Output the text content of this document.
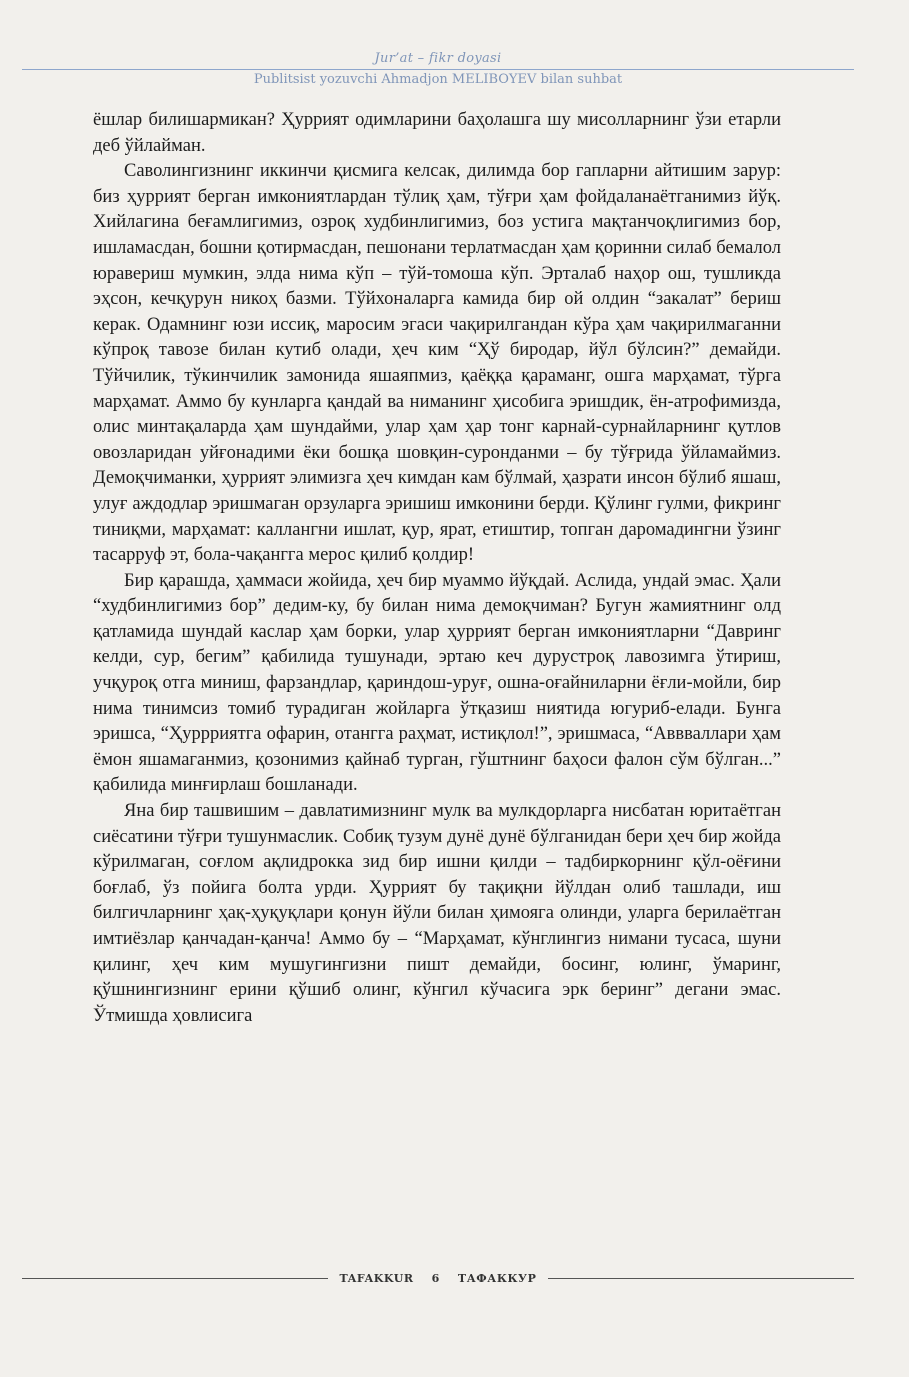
Jur’at – fikr doyasi
Publitsist yozuvchi Ahmadjon MELIBOYEV bilan suhbat

ёшлар билишармикан? Ҳуррият одимларини баҳолашга шу мисолларнинг ўзи етарли деб ўйлайман.

Саволингизнинг иккинчи қисмига келсак, дилимда бор гапларни айтишим зарур: биз ҳуррият берган имкониятлардан тўлиқ ҳам, тўғри ҳам фойдаланаётганимиз йўқ. Хийлагина беғамлигимиз, озроқ худбинлигимиз, боз устига мақтанчоқлигимиз бор, ишламасдан, бошни қотирмасдан, пешонани терлатмасдан ҳам қоринни силаб бемалол юравериш мумкин, элда нима кўп – тўй-томоша кўп. Эрталаб наҳор ош, тушликда эҳсон, кечқурун никоҳ базми. Тўйхоналарга камида бир ой олдин “закалат” бериш керак. Одамнинг юзи иссиқ, маросим эгаси чақирилгандан кўра ҳам чақирилмаганни кўпроқ тавозе билан кутиб олади, ҳеч ким “Ҳў биродар, йўл бўлсин?” демайди. Тўйчилик, тўкинчилик замонида яшаяпмиз, қаёққа қараманг, ошга марҳамат, тўрга марҳамат. Аммо бу кунларга қандай ва ниманинг ҳисобига эришдик, ён-атрофимизда, олис минтақаларда ҳам шундайми, улар ҳам ҳар тонг карнай-сурнайларнинг қутлов овозларидан уйғонадими ёки бошқа шовқин-суронданми – бу тўғрида ўйламаймиз. Демоқчиманки, ҳуррият элимизга ҳеч кимдан кам бўлмай, ҳазрати инсон бўлиб яшаш, улуғ аждодлар эришмаган орзуларга эришиш имконини берди. Қўлинг гулми, фикринг тиниқми, марҳамат: каллангни ишлат, қур, ярат, етиштир, топган даромадингни ўзинг тасарруф эт, бола-чақангга мерос қилиб қолдир!

Бир қарашда, ҳаммаси жойида, ҳеч бир муаммо йўқдай. Аслида, ундай эмас. Ҳали “худбинлигимиз бор” дедим-ку, бу билан нима демоқчиман? Бугун жамиятнинг олд қатламида шундай каслар ҳам борки, улар ҳуррият берган имкониятларни “Давринг келди, сур, бегим” қабилида тушунади, эртаю кеч дурустроқ лавозимга ўтириш, учқуроқ отга миниш, фарзандлар, қариндош-уруғ, ошна-оғайниларни ёғли-мойли, бир нима тинимсиз томиб турадиган жойларга ўтқазиш ниятида югуриб-елади. Бунга эришса, “Ҳуррриятга офарин, отангга раҳмат, истиқлол!”, эришмаса, “Аввваллари ҳам ёмон яшамаганмиз, қозонимиз қайнаб турган, гўштнинг баҳоси фалон сўм бўлган...” қабилида минғирлаш бошланади.

Яна бир ташвишим – давлатимизнинг мулк ва мулкдорларга нисбатан юритаётган сиёсатини тўғри тушунмаслик. Собиқ тузум дунё дунё бўлганидан бери ҳеч бир жойда кўрилмаган, соғлом ақлидрокка зид бир ишни қилди – тадбиркорнинг қўл-оёғини боғлаб, ўз пойига болта урди. Ҳуррият бу тақиқни йўлдан олиб ташлади, иш билгичларнинг ҳақ-ҳуқуқлари қонун йўли билан ҳимояга олинди, уларга берилаётган имтиёзлар қанчадан-қанча! Аммо бу – “Марҳамат, кўнглингиз нимани тусаса, шуни қилинг, ҳеч ким мушугингизни пишт демайди, босинг, юлинг, ўмаринг, қўшнингизнинг ерини қўшиб олинг, кўнгил кўчасига эрк беринг” дегани эмас. Ўтмишда ҳовлисига

TAFAKKUR 6 ТАФАККУР
